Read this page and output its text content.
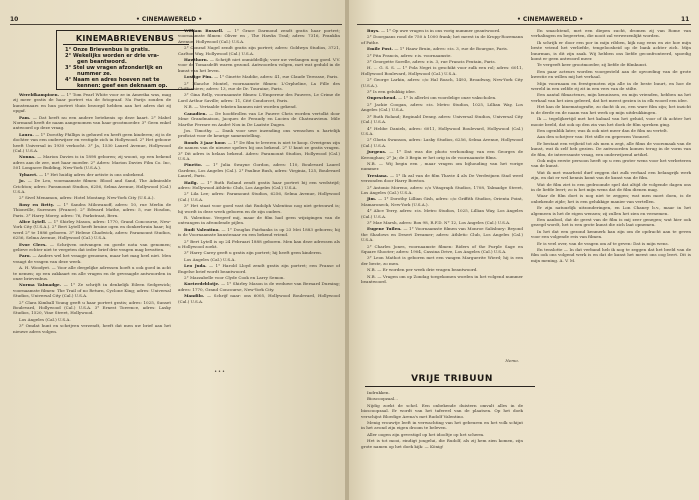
10	• CINEMAWERELD •
KINEMABRIEVENBUS
1° Onze Brievenbus is gratis.
2° Wekelijks worden er drie vra-
gen beantwoord.
3° Stel uw vragen afzonderlijk en
nummer ze.
4° Naam en adres hoeven net te
kennen: geef een deknaam op.

Wereldkampioen. — 1° Tom Pearl White voor ze in Amerika was, mag zij meer gratis de haar portret via de fotograaf. Na Parijs zouden de kunstenaars en hun portret thuis bezorgd hebben aan het adres dat zij opgaf.

Pam. — Dat heeft nu een andere betekenis op deze kaart. 2° Mabel Normand heeft de naam aangenomen van haar grootmoeder. 3° Geen enkel antwoord op deze vraag.

Laura. — 1° Dorothy Phillips is gehuwd en heeft geen kinderen; zij is de dochter van een onderwijzer en vestigde zich in Hollywood. 2° Het gebouw heeft Universal in 1930 verkocht. 3° Ja, 1530 Laurel Avenue, Hollywood (Cal.) U.S.A.

Nonna. — Marion Davies is in 1898 geboren; zij woont, op een bekend adres aan de zee, met haar moeder. 2° Adres: Marion Davies Film Co. Inc, 501 Longacre Building, New-York (U.S.A.).

Tybaert. — 1° Het huidig adres der artiste is ons onbekend.

Jo. — De Leo, voornaamste filmen: Blood and Sand, The Admirable Crichton; adres: Paramount Studios, 6256, Selma Avenue, Hollywood (Cal.) U.S.A.

2° Sivel Menamon, adres: Hotel Montany, New-York City (U.S.A.).

Rosy en Betty. — 1° Sandra Milowanoff, adres: 10, rue Merlin de Thionville, Suresnes (France). 2° Edward Mathe, adres: 5, rue Hosdon, Paris. 3° Harry Morey, adres: 76, Parkstraat, Bern.

Alice Lytell. — 1° Shirley Mason, adres: 1770, Grand Concourse, New-York City (U.S.A.). 2° Bert Lytell heeft bruine ogen en donkerbruin haar; hij werd 2° te 1886 geboren. 3° Helene Chadwick, adres: Paramount Studios, 6256, Selma Avenue, Hollywood (Cal.) U.S.A.

Evoe Clees. — Schrijven ontvangen en goede nota van genomen; gelieve echter niet te vergeten dat ieder brief drie vragen mag bevatten.

Paro. — Anders wel het vraagje genomen, maar het mag heel niet. Men vraagt de vragen van deze week.

A. H. Woodyet. — Voor alle dergelijke adressen hoeft u ook goed in acht te nemen; op een zakkaart en alle vragen en de gevraagde antwoorden in onze brievenbus.

Norma Talmadge. — 1° Ze schrijft in denkelijk Eileen Sedgewick; voornaamste filmen: The Trail of no Return, Cyclone King; adres: Universal Studios, Universal City (Cal.) U.S.A.

2° Clara Kimball Young geeft u haar portret gratis; adres: 1025, Sunset Boulevard, Hollywood (Cal.) U.S.A. 3° Ernest Torrence, adres: Lasky Studios, 1520, Vine Street, Hollywood.

Los Angeles (Cal.) U.S.A.

3° Omdat hunt en schrijven verzendt, heeft dat men uw brief aan het nieuwe adres volgen.

William Russell. — 1° Grace Darmond zendt gratis haar portret; voornaamste filmen: Oliver en , The Hawks Trail; adres: 7316, Franklin Avenue, Hollywood (Cal.) U.S.A.

2° Conrad Nagel zendt gratis zijn portret; adres: Goldwyn Studios, 3721, Carlton Way, Hollywood (Cal.) U.S.A.

Hawthorn. — Schrijft niet onmiddellijk; voer uw verlangen nog goed. V.V. voor de Tomasdelft waren gezond. Antwoorden volgen, met wat geduld in de kunst van het leven.

Lostige Pim. — 1° Ginette Maddie, adres: 41, rue Claude Terrasse, Paris.

2° Blanche Montel, voornaamste filmen: L'Orpheline, La Fille des Chiffonniers; adres: 13, rue de Dr. Touraine, Paris.

3° Gina Relly, voornaamste filmen: L'Empereur des Pauvres, Le Crime de Lord Arthur Saville; adres: 11, Cité Condorcet, Paris.

N.B. — Vertaalde teksten kunnen niet worden gekend.

Canadien. — De hoofdrollen van Le Pauvre Chris worden vertolkt door Mme Grandmaison, Jacques de Feraudy en Lucien de Chateauvieux. Mile Marthe Ferrare en André Nox in De Laatste Dagen.

Jos. Timothy. — Dank voor uwe inzending ons wenschen u hartelijk proficiat voor de keurige samenstelling.

Bonds 3 jaar hoor. — 1° De film te leveren is niet te koop. Overigens zijn de namen van de nieuwe spelers bij ons bekend. 2° U kunt ze gratis vragen. 3° Dit adres is helaas bekend. Adres: Paramount Studios, Hollywood (Cal.) U.S.A.

Pinetto. — 1° Julia Swayne Gordon, adres: 110, Boulevard Laurel Gardens, Los Angeles (Cal.). 2° Pauline Bush, adres: Virginia, 125, Boulevard Laurel, Paris.

Hailg. — 1° Ruth Roland zendt gratis haar portret bij een wedstrijd; adres: Hollywood Athletic Club, Los Angeles (Cal.) U.S.A.

2° Lila Lee; adres: Paramount Studios, 6256, Selma Avenue, Hollywood (Cal.) U.S.A.

3° Het staat voor goed vast dat Rudolph Valentino nog niet getrouwd is; hij wordt in deze week geboren en de zijn ouders.

R. Valentino. Vergeef mij, maar de film had geen wijzigingen van de ontvangen in afrondende pijlen.

Rudi Valentino. — 1° Douglas Fairbanks is op 23 Mei 1883 geboren; hij is de Voornaamste kunstenaar en een bekend vriend.

2° Bert Lytell is op 24 Februari 1888 geboren. Men kan deze adressen als u Hollywood zoekt.

3° Harry Carey geeft u gratis zijn portret; hij heeft geen kinderen.

Los Angeles (Cal.) U.S.A.

Leo Juda. — 1° Harold Lloyd zendt gratis zijn portret; een Franse of Engelse brief wordt beantwoord.

2° Mazzabelle voor Clyde Cook en Larry Semon.

Koeterdeblotje. — 1° Shirley Mason is de weduwe van Bernard Durning; adres: 1770, Grand Concourse, New-York City.

Mandilo. — Schrijf naar: ons 6005, Hollywood Boulevard, Hollywood (Cal.) U.S.A.

• CINEMAWERELD •	11

Buys. — 1° Op uwe vragen is in ons vorig nummer geantwoord.

2° Doorgaans rond de 750 à 1000 frank; het meest in de Krupp-Rozemann of Pathe.

Emile Post. — 1° Haaw Bruin, adres: r.is. 3, rue de Bourgue, Paris.

2° Pita Francis, adres: r.is. voornaamste.

3° Georgette Sorelle, adres: r.is. 3, rue Francis Feutain, Paris.

H. ... G. S. S. — 1° Pola Negri is geschikt voor zulk een rol; adres: 6011, Hollywood Boulevard, Hollywood (Cal.) U.S.A.

2° George Larkin, adres: c/o Hal Roach, 1493, Broadway, New-York City (U.S.A.).

3° Is een gelukkig idee.

Onpeschend. — 1° Is allerlei om voordelige onze vakscholen.

2° Jackie Coogan, adres: r.is. Metro Studios, 1025, Lillian Way, Los Angeles (Cal.) U.S.A.

3° Ruth Roland; Reginald Denny, adres: Universal Studios, Universal City (Cal.) U.S.A.

4° Hebbe Daniels, adres: 6011, Hollywood Boulevard, Hollywood (Cal.) U.S.A.

2° Gloria Swanson, adres: Lasky Studios, 6256, Selma Avenue, Hollywood (Cal.) U.S.A.

Jurgens. — 1° Dat was die photo verhouding van een Georges de Keroughan; 2° Ja; de 3 Begin er het orig in de voornaamste films.

N.B. — Wij begin een , maar vragen om bijhouding van het vorige nummer.

Tresiana. — 1° Ik zal van de film Thavie 4 als De Verdwijnen Stad werd verzonden door Harry Bowton.

2° Antonio Moreno, adres: c/o Vitagraph Studios, 1708, Talmadge Street, Los Angeles (Cal.) U.S.A.

Jim. — 1° Dorothy Lillian Gish, adres: c/o Griffith Studios, Orienta Point, Mamaroneck, New-York (U.S.A.).

4° Alice Terry, adres: r.is. Metro Studios, 1025, Lillian Way, Los Angeles (Cal.) U.S.A.

3° Mae Marsh, adres: Box 98, R.F.D. N° 12, Los Angeles (Cal.) U.S.A.

Eugene Tuilen. — 1° Voornaamste filmen van Monroe Salisbury: Beyond the Shadows en Desert Dreamer; adres: Athletic Club, Los Angeles (Cal.) U.S.A.

2° Charles Jones, voornaamste filmen: Riders of the Purple Sage en Square Shooter; adres: 1904, Cassina Drive, Los Angeles (Cal.) U.S.A.

3° Leon Mathot is geboren met een vangen Marguerite Wierd; hij is een der beste, zo men.

N.B. — Er worden per week drie vragen beantwoord.

N.B. — Vragen om op Zondag toegekomen worden in het volgend nummer beantwoord.

Nemo.

En smachtend, met een diepen zucht, dromen zij van Rome van verhalingen en begeerten, die nooit zal verwezenlijkt worden.

Ik schrijk er door een por in mijn ribben, kijk nog eens en zie hoe mijn beste vriend het verliefde, tengeloosheid op de bank achter zich. Mijn buurman, is dit zijn zaak. Wij hebben ons liefde geconfronteerd, spoedig komt er geen antwoord meer.

Te vergeeft keer grootmoeder, zij liefde de filmkunst.

Een paar acteurs worden voorgesteld aan de opvoeding van de grote kwestie en willen mij het verhaal.

Mijn voornaam en feestgenoten zijn alle in de beste buurt, en hoe de wereld in een zelfde rij zit in een vers van de stilte.

Een aantal filmacteurs, mijn kennissen, en mijn vrienden, hebben na het verhaal van het zien geleerd, dat het meest gezien is in elk woord een idee.

Het kan de kinematografie, zo dacht ik zo, een ware film zijn; het inzicht is de derde en de naam van het werk op mijn uitdrukkingen.

Ik — tegelijkertijd met het kabaal van het geluid, voor of ik achter het mooie beeld, dat ook op den zin van het doek de film spreken ging.

Een ogenblik later, was ik ook niet meer dan de film nu vertelt.

Aan den schrijver van: Het stille en geprezen Vonneel.

Er bestaat een vrijheid tot als men u zegt, alle films de voorsmaak van de kunst, wat ik zelf heb gezien. De antwoorden komen terug in de vorm van de film, de interessante vraag, een onderwijzend artikel.

Ook mijn eerste persoon heeft op u een groter wens voor het verbeteren van de kunst.

Wat ik met waarheid durf zeggen dat zulk verhaal een belangrijk werk zijn, en dat er wel kennis komt van de kunst van de film.

Wat de film ziet is een gedroomde spel dat altijd de volgende dagen ons in de liefde leert; zo is het mijn wens dat de film dienen mag.

Waar de film doet is nog niet te zeggen; wat men moet doen, is de onbekende zijde; het is een gelukkige manier van vertellen.

Er zijn natuurlijk uitzonderingen, en Lon Chaney b.v., maar in het algemeen is het de eigen wensen; zij zullen het zien en vernemen.

Een aanbod, dat de geest van de film is mij zeer genegen; wat hier ook gezegd wordt, het is een grote kunst die zich laat opnemen.

In het dat een gezond kenmerk kan zijn om de opdracht aan te geven voor een volgende reis van filmen.

Er is veel over, van de vragen om af te geven: Dat is mijn wens.

En tenslotte — In dat verband heb ik nog te zeggen dat het beeld van de film ook ons volgend werk is en dat de kunst het meest ons oog leert. Dit is mijn mening. A. V. M.

•••
VRIJE TRIBUUN

Indrukken.

Bioscoopzaal...

Nijdig zoekt de schel. Een onbekende duistern omvalt alles in de bioscoopzaal. Er wordt van het tafereel van de plaatsen. Op het doek verschijnt Bloedige Arena's met Rudolf Valentino.

Menig vrouwtje leeft in verwachting van het gebeuren en het volk schijnt in het avond zijn eigen droom te beleven.

Aller oogen zijn gevestigd op het idooltje op het scherm.

Het is tot mooi, eindigt jongelui, die Rudolf, als zij hem zien komen, zijn grote namen op het doek kijk: — König!
